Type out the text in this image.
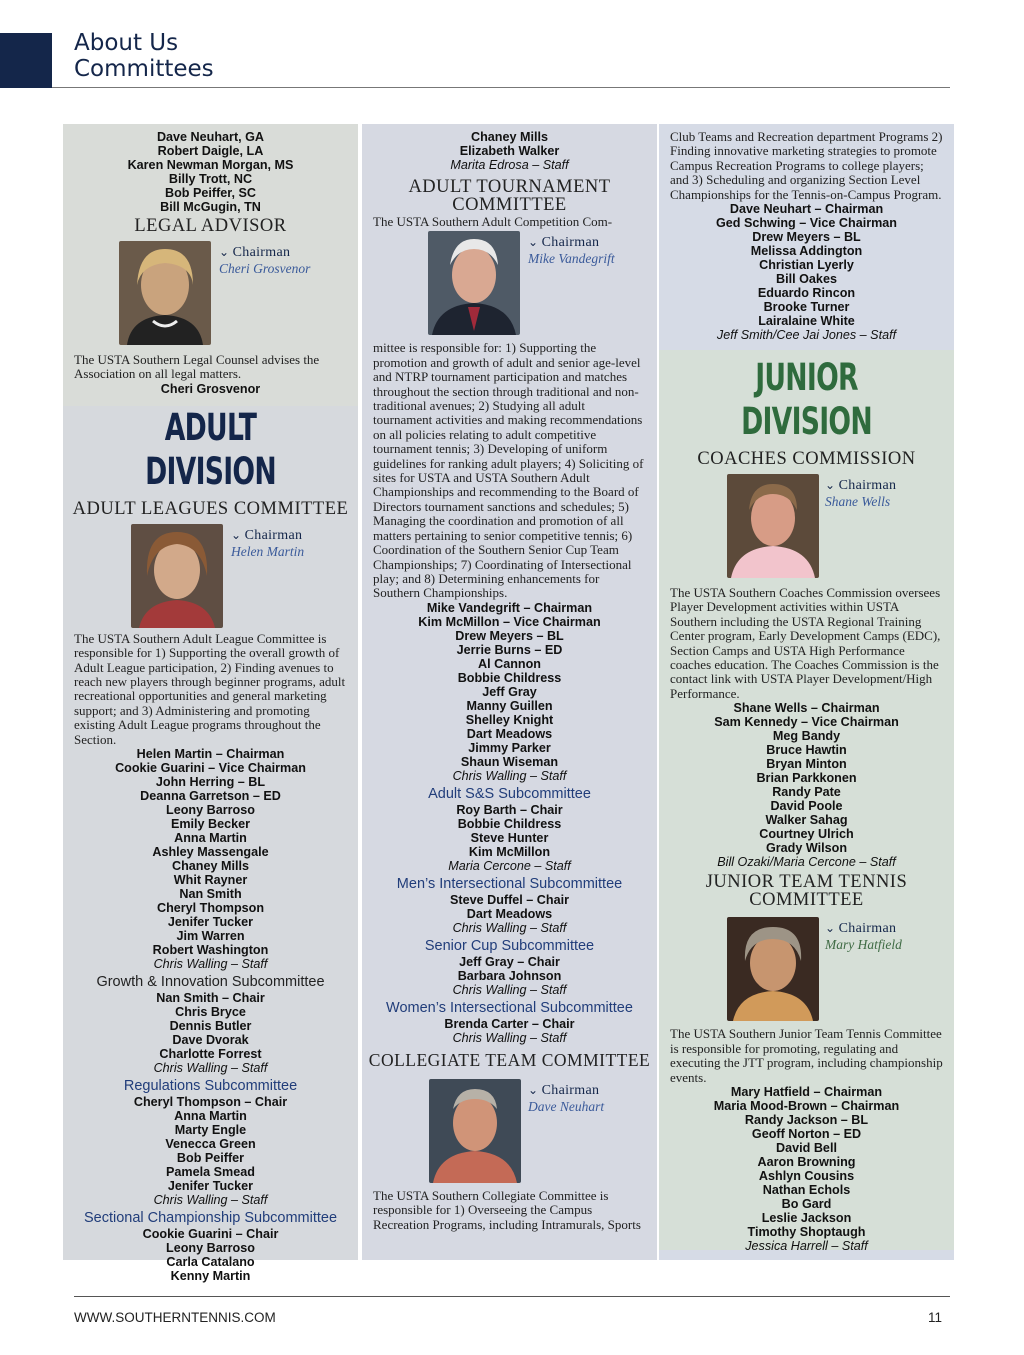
About Us
Committees
Dave Neuhart, GA
Robert Daigle, LA
Karen Newman Morgan, MS
Billy Trott, NC
Bob Peiffer, SC
Bill McGugin, TN
LEGAL ADVISOR
⌄ Chairman
Cheri Grosvenor
The USTA Southern Legal Counsel advises the Association on all legal matters.
Cheri Grosvenor
ADULT DIVISION
ADULT LEAGUES COMMITTEE
⌄ Chairman
Helen Martin
The USTA Southern Adult League Committee is responsible for 1) Supporting the overall growth of Adult League participation, 2) Finding avenues to reach new players through beginner programs, adult recreational opportunities and general marketing support; and 3) Administering and promoting existing Adult League programs throughout the Section.
Helen Martin – Chairman
Cookie Guarini – Vice Chairman
John Herring – BL
Deanna Garretson – ED
Leony Barroso
Emily Becker
Anna Martin
Ashley Massengale
Chaney Mills
Whit Rayner
Nan Smith
Cheryl Thompson
Jenifer Tucker
Jim Warren
Robert Washington
Chris Walling – Staff
Growth & Innovation Subcommittee
Nan Smith – Chair
Chris Bryce
Dennis Butler
Dave Dvorak
Charlotte Forrest
Chris Walling – Staff
Regulations Subcommittee
Cheryl Thompson – Chair
Anna Martin
Marty Engle
Venecca Green
Bob Peiffer
Pamela Smead
Jenifer Tucker
Chris Walling – Staff
Sectional Championship Subcommittee
Cookie Guarini – Chair
Leony Barroso
Carla Catalano
Kenny Martin
Chaney Mills
Elizabeth Walker
Marita Edrosa – Staff
ADULT TOURNAMENT
COMMITTEE
The USTA Southern Adult Competition Com-
⌄ Chairman
Mike Vandegrift
mittee is responsible for: 1) Supporting the promotion and growth of adult and senior age-level and NTRP tournament participation and matches throughout the section through traditional and non-traditional avenues; 2) Studying all adult tournament activities and making recommendations on all policies relating to adult competitive tournament tennis; 3) Developing of uniform guidelines for ranking adult players; 4) Soliciting of sites for USTA and USTA Southern Adult Championships and recommending to the Board of Directors tournament sanctions and schedules; 5) Managing the coordination and promotion of all matters pertaining to senior competitive tennis; 6) Coordination of the Southern Senior Cup Team Championships; 7) Coordinating of Intersectional play; and 8) Determining enhancements for Southern Championships.
Mike Vandegrift – Chairman
Kim McMillon – Vice Chairman
Drew Meyers – BL
Jerrie Burns – ED
Al Cannon
Bobbie Childress
Jeff Gray
Manny Guillen
Shelley Knight
Dart Meadows
Jimmy Parker
Shaun Wiseman
Chris Walling – Staff
Adult S&S Subcommittee
Roy Barth – Chair
Bobbie Childress
Steve Hunter
Kim McMillon
Maria Cercone – Staff
Men’s Intersectional Subcommittee
Steve Duffel – Chair
Dart Meadows
Chris Walling – Staff
Senior Cup Subcommittee
Jeff Gray – Chair
Barbara Johnson
Chris Walling – Staff
Women’s Intersectional Subcommittee
Brenda Carter – Chair
Chris Walling – Staff
COLLEGIATE TEAM COMMITTEE
⌄ Chairman
Dave Neuhart
The USTA Southern Collegiate Committee is responsible for 1) Overseeing the Campus Recreation Programs, including Intramurals, Sports
Club Teams and Recreation department Programs 2) Finding innovative marketing strategies to promote Campus Recreation Programs to college players; and 3) Scheduling and organizing Section Level Championships for the Tennis-on-Campus Program.
Dave Neuhart – Chairman
Ged Schwing – Vice Chairman
Drew Meyers – BL
Melissa Addington
Christian Lyerly
Bill Oakes
Eduardo Rincon
Brooke Turner
Lairalaine White
Jeff Smith/Cee Jai Jones – Staff
JUNIOR DIVISION
COACHES COMMISSION
⌄ Chairman
Shane Wells
The USTA Southern Coaches Commission oversees Player Development activities within USTA Southern including the USTA Regional Training Center program, Early Development Camps (EDC), Section Camps and USTA High Performance coaches education. The Coaches Commission is the contact link with USTA Player Development/High Performance.
Shane Wells – Chairman
Sam Kennedy – Vice Chairman
Meg Bandy
Bruce Hawtin
Bryan Minton
Brian Parkkonen
Randy Pate
David Poole
Walker Sahag
Courtney Ulrich
Grady Wilson
Bill Ozaki/Maria Cercone – Staff
JUNIOR TEAM TENNIS
COMMITTEE
⌄ Chairman
Mary Hatfield
The USTA Southern Junior Team Tennis Committee is responsible for promoting, regulating and executing the JTT program, including championship events.
Mary Hatfield – Chairman
Maria Mood-Brown – Chairman
Randy Jackson – BL
Geoff Norton – ED
David Bell
Aaron Browning
Ashlyn Cousins
Nathan Echols
Bo Gard
Leslie Jackson
Timothy Shoptaugh
Jessica Harrell – Staff
WWW.SOUTHERNTENNIS.COM	11
